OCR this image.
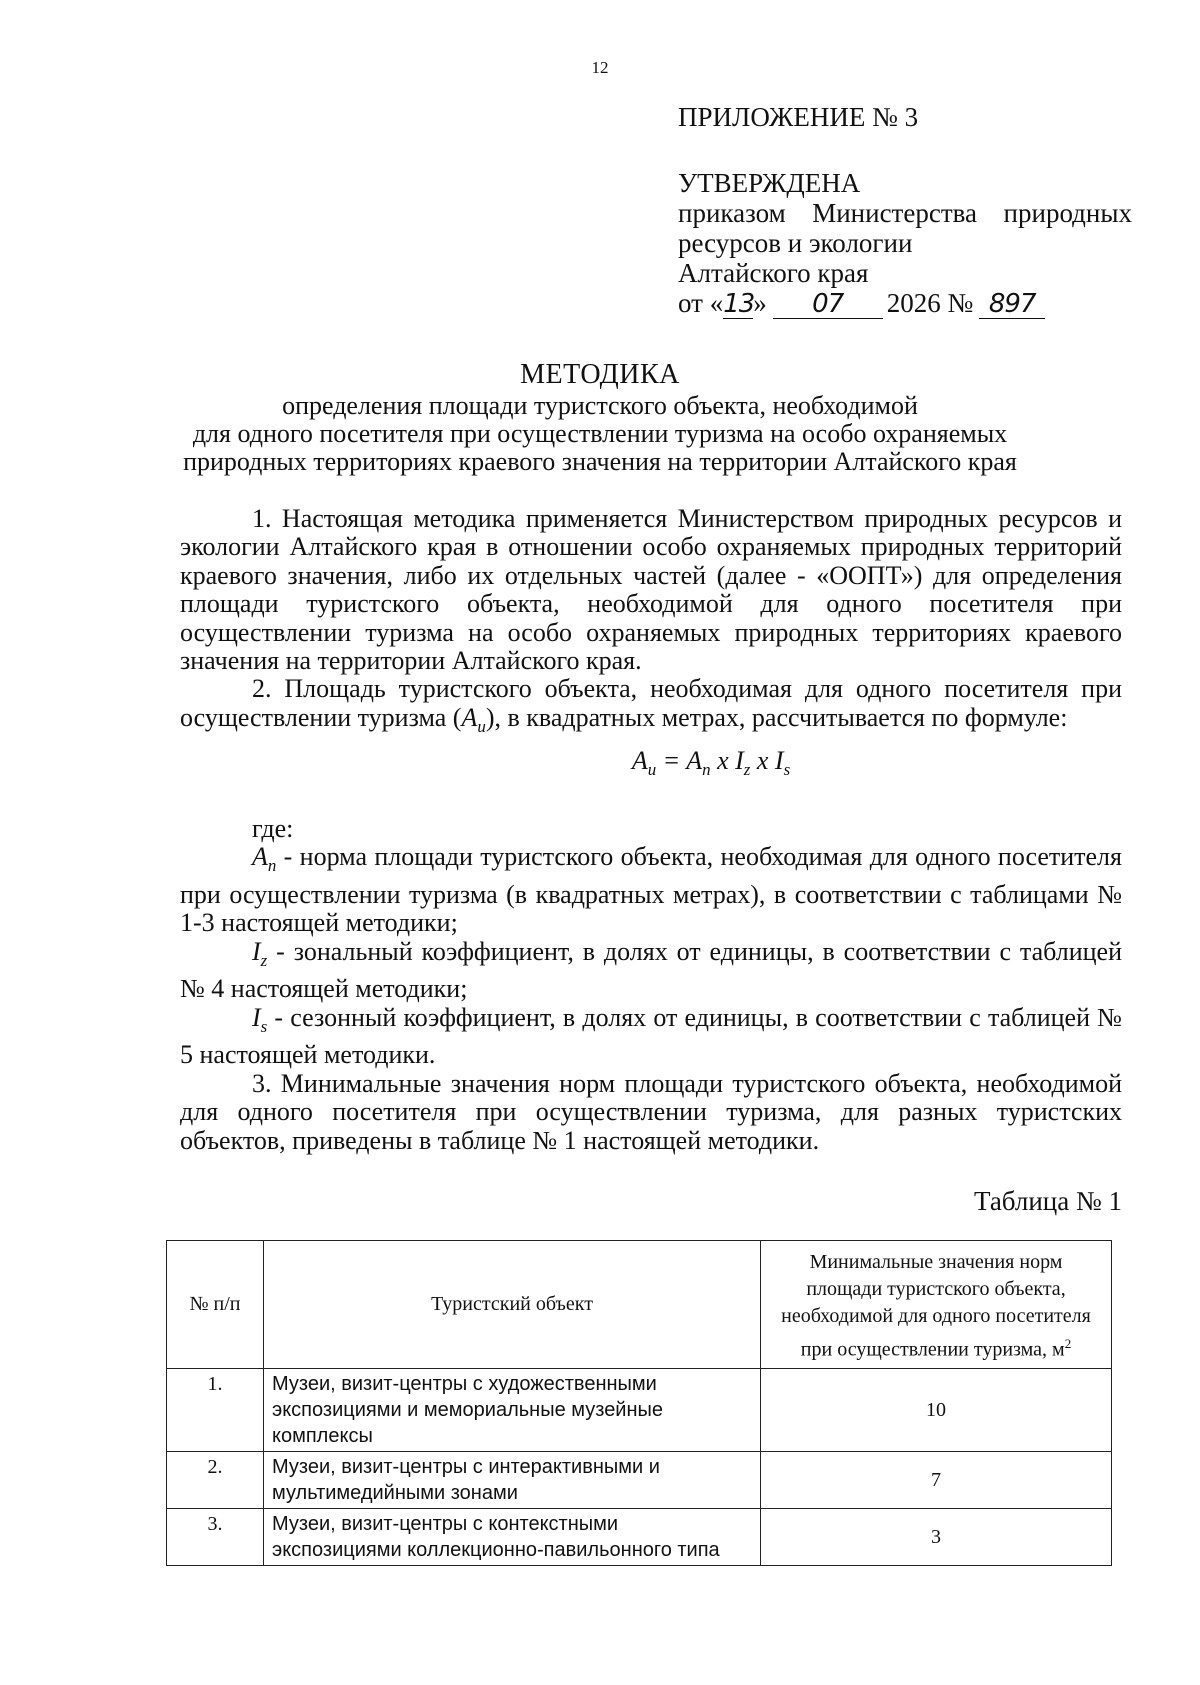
12
ПРИЛОЖЕНИЕ № 3
УТВЕРЖДЕНА
приказом Министерства природных
ресурсов и экологии
Алтайского края
от « 13
»	07	2026 № 897
МЕТОДИКА
определения площади туристского объекта, необходимой
для одного посетителя при осуществлении туризма на особо охраняемых
природных территориях краевого значения на территории Алтайского края

1. Настоящая методика применяется Министерством природных ресурсов и экологии Алтайского края в отношении особо охраняемых природных территорий краевого значения, либо их отдельных частей (далее - «ООПТ») для определения площади туристского объекта, необходимой для одного посетителя при осуществлении туризма на особо охраняемых природных территориях краевого значения на территории Алтайского края.

2. Площадь туристского объекта, необходимая для одного посетителя при осуществлении туризма $(A_u)$, в квадратных метрах, рассчитывается по формуле:

$A_u = A_n$ x $I_z$ x $I_s$

где:

$A_n$ - норма площади туристского объекта, необходимая для одного посетителя при осуществлении туризма (в квадратных метрах), в соответствии с таблицами № 1-3 настоящей методики;

$I_z$ - зональный коэффициент, в долях от единицы, в соответствии с таблицей № 4 настоящей методики;

$I_s$ - сезонный коэффициент, в долях от единицы, в соответствии с таблицей № 5 настоящей методики.

3. Минимальные значения норм площади туристского объекта, необходимой для одного посетителя при осуществлении туризма, для разных туристских объектов, приведены в таблице № 1 настоящей методики.

Таблица № 1
№ п/п	Туристский объект	Минимальные значения норм площади туристского объекта, необходимой для одного посетителя при осуществлении туризма, $м^2$
1.	Музеи, визит-центры с художественными экспозициями и мемориальные музейные комплексы	10
2.	Музеи, визит-центры с интерактивными и мультимедийными зонами	7
3.	Музеи, визит-центры с контекстными экспозициями коллекционно-павильонного типа	3
